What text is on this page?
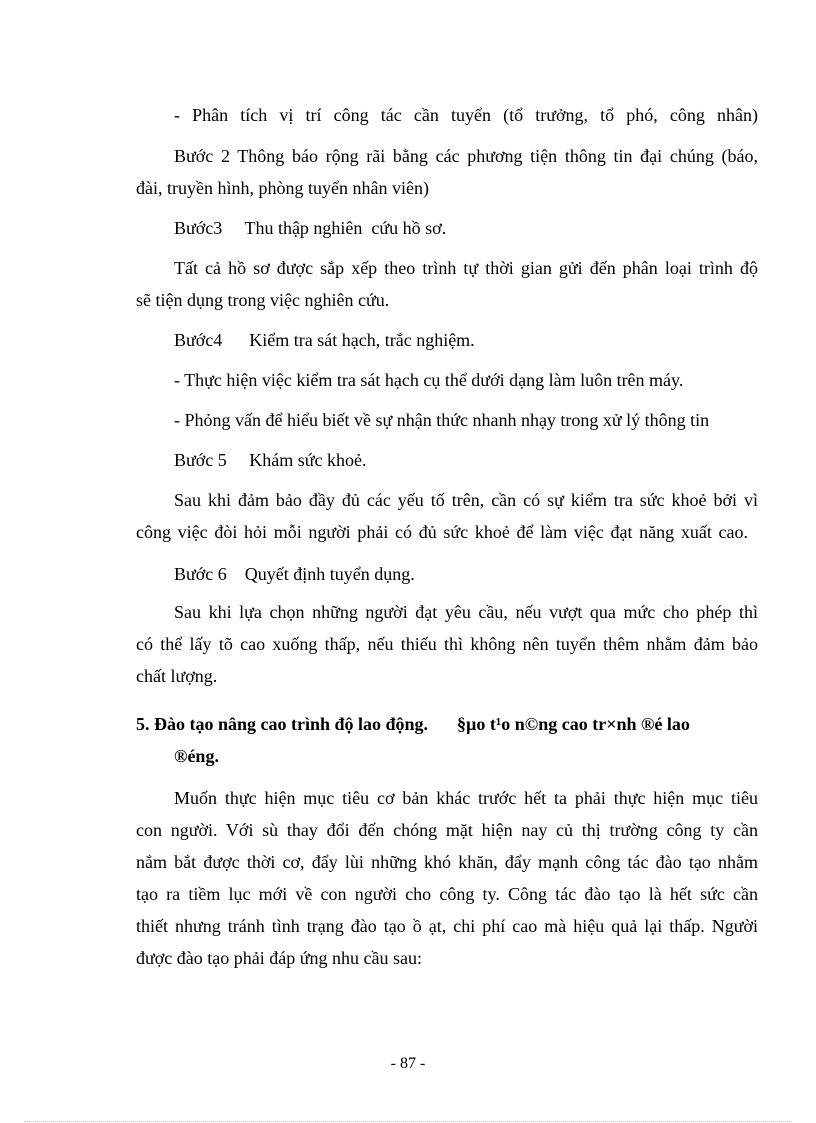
- Phân tích vị trí công tác cần tuyển (tổ trưởng, tổ phó, công nhân)
Bước 2 Thông báo rộng rãi bằng các phương tiện thông tin đại chúng (báo,
đài, truyền hình, phòng tuyển nhân viên)
Bước3     Thu thập nghiên  cứu hồ sơ.
Tất cả hồ sơ được sắp xếp theo trình tự thời gian gửi đến phân loại trình độ
sẽ tiện dụng trong việc nghiên cứu.
Bước4      Kiểm tra sát hạch, trắc nghiệm.
- Thực hiện việc kiểm tra sát hạch cụ thể dưới dạng làm luôn trên máy.
- Phỏng vấn để hiểu biết về sự nhận thức nhanh nhạy trong xử lý thông tin
Bước 5     Khám sức khoẻ.
Sau khi đảm bảo đầy đủ các yếu tố trên, cần có sự kiểm tra sức khoẻ bởi vì
công việc đòi hỏi mỗi người phải có đủ sức khoẻ để làm việc đạt năng xuất cao.
Bước 6    Quyết định tuyển dụng.
Sau khi lựa chọn những người đạt yêu cầu, nếu vượt qua mức cho phép thì
có thể lấy tõ cao xuống thấp, nếu thiếu thì không nên tuyển thêm nhằm đảm bảo
chất lượng.
5. Đào tạo nâng cao trình độ lao động. §µo t¹o n©ng cao tr×nh ®é lao
®éng.
Muốn thực hiện mục tiêu cơ bản khác trước hết ta phải thực hiện mục tiêu
con người. Với sù thay đổi đến chóng mặt hiện nay củ thị trường công ty cần
nắm bắt được thời cơ, đẩy lùi những khó khăn, đẩy mạnh công tác đào tạo nhằm
tạo ra tiềm lục mới về con người cho công ty. Công tác đào tạo là hết sức cần
thiết nhưng tránh tình trạng đào tạo ồ ạt, chi phí cao mà hiệu quả lại thấp. Người
được đào tạo phải đáp ứng nhu cầu sau:
- 87 -
